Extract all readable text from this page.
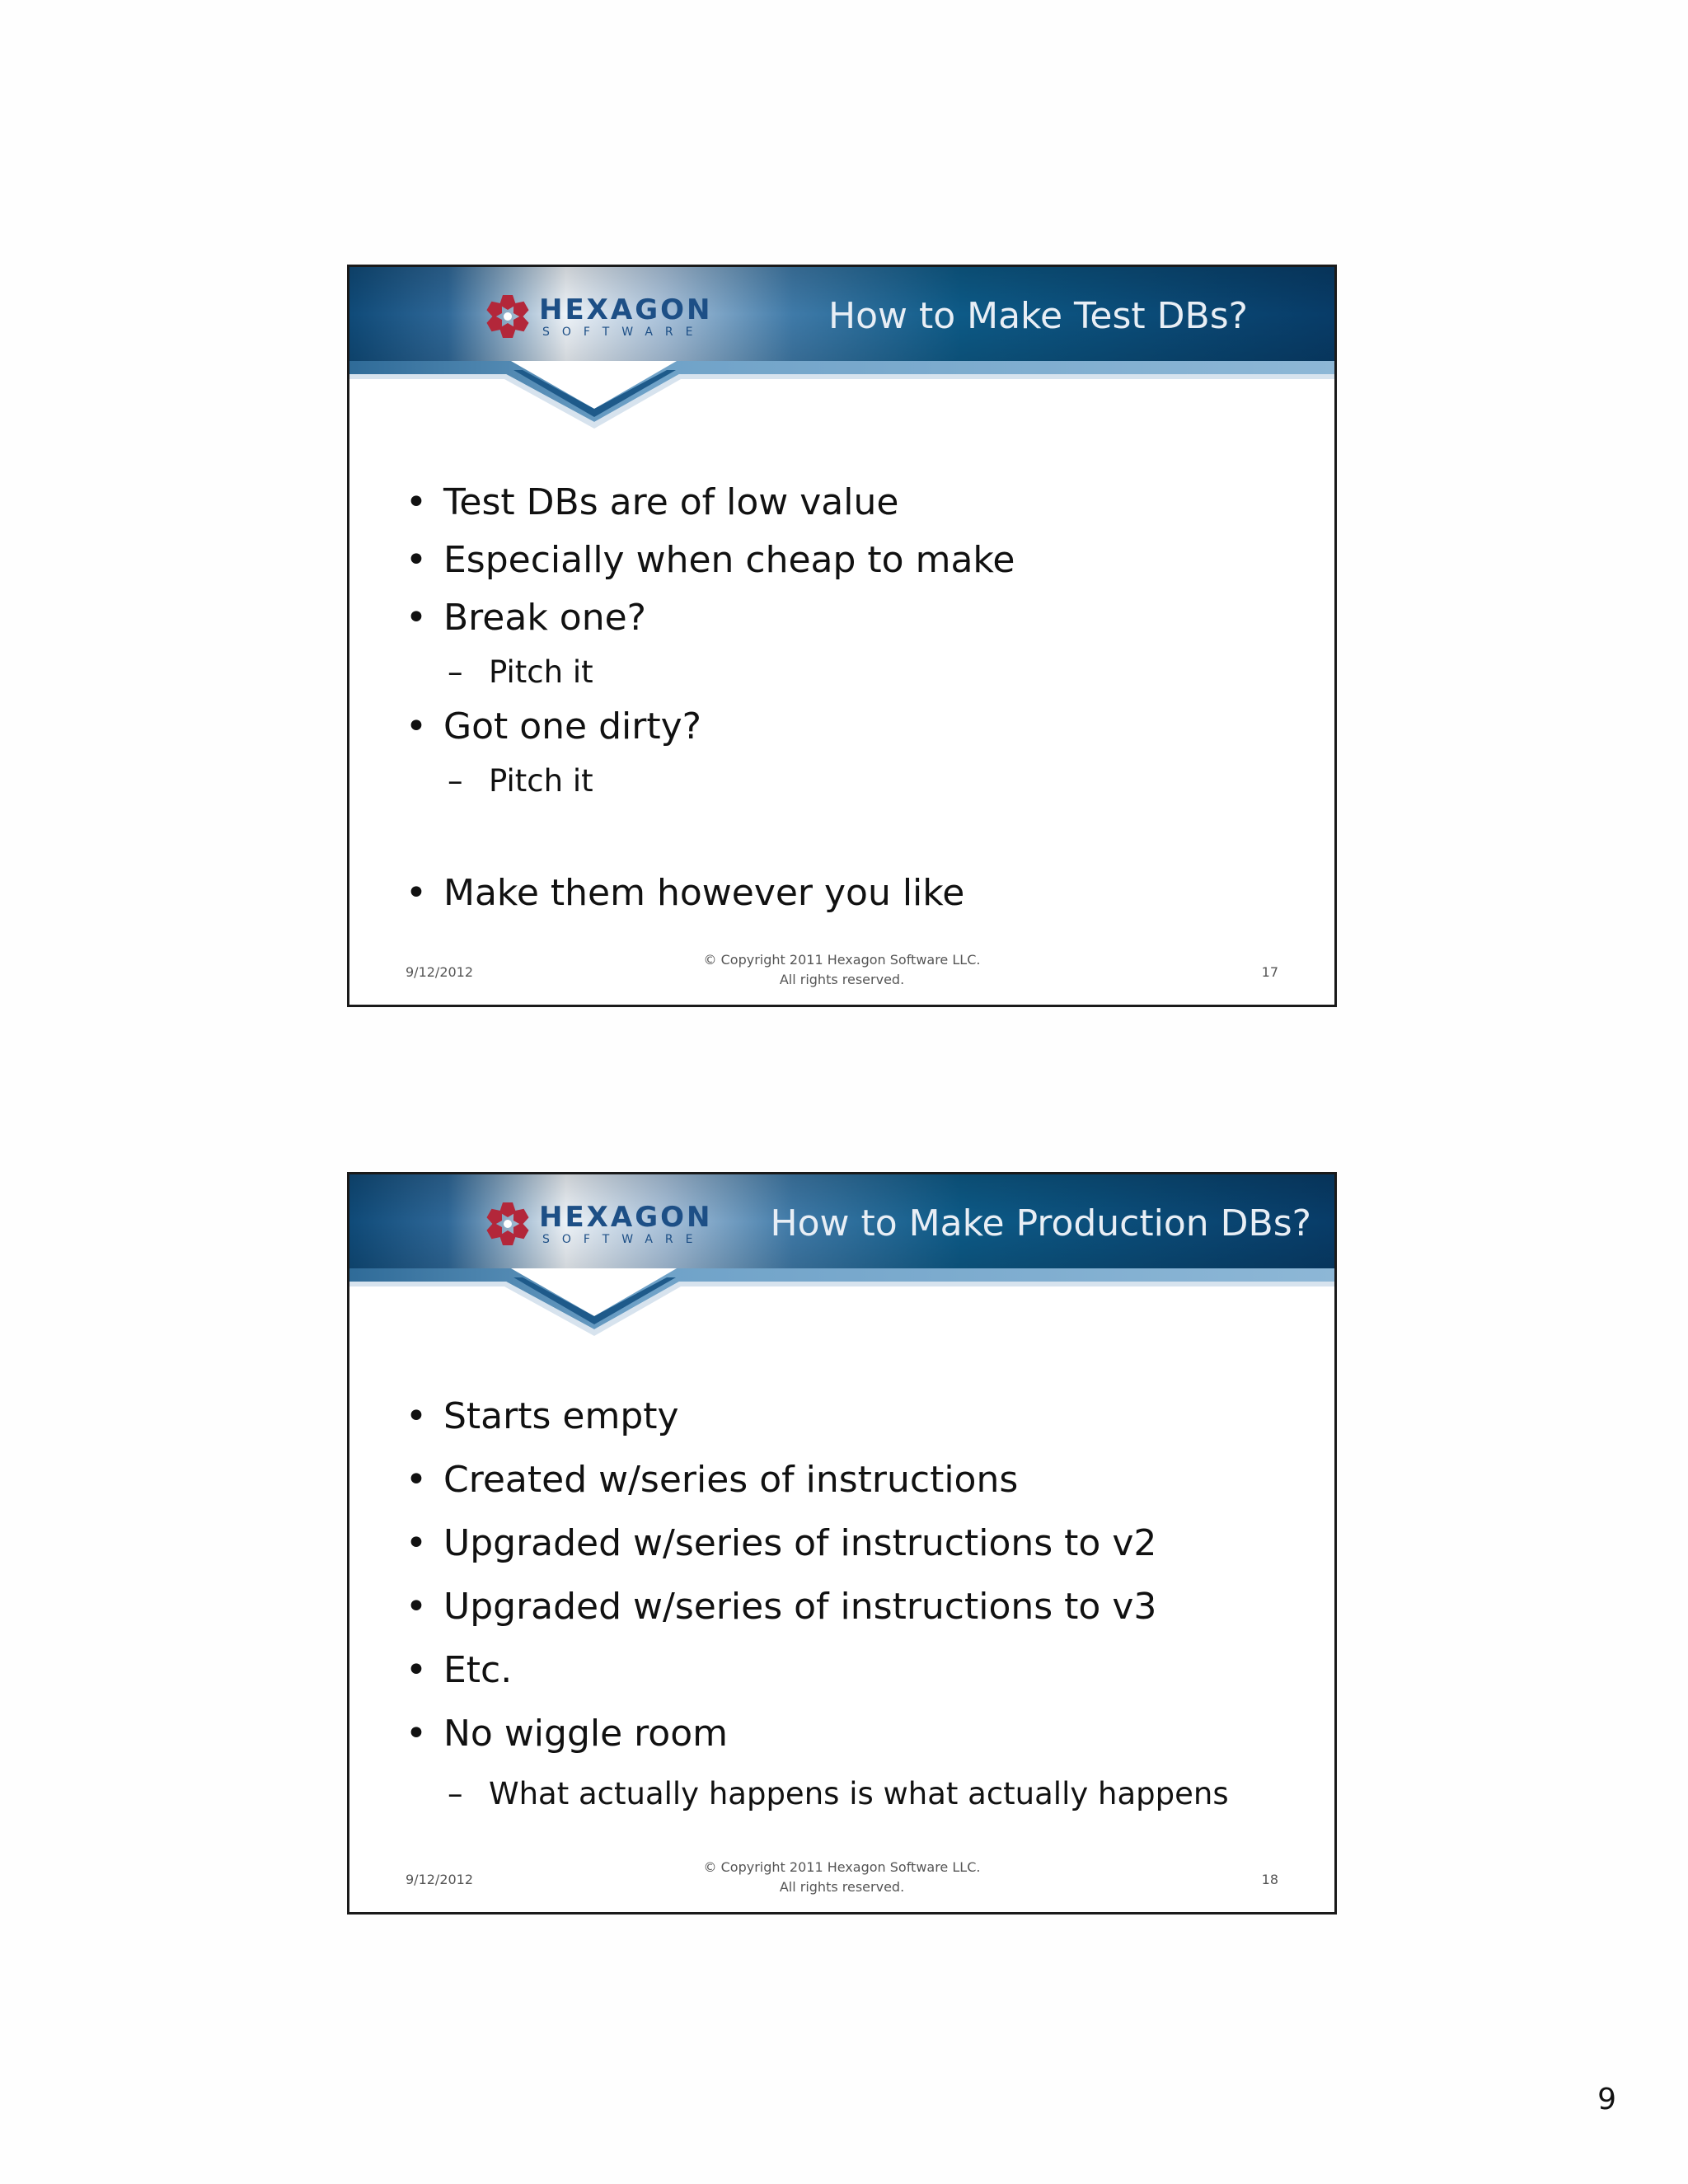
HEXAGON
SOFTWARE	How to Make Test DBs?
• Test DBs are of low value
• Especially when cheap to make
• Break one?
– Pitch it
• Got one dirty?
– Pitch it
• Make them however you like
9/12/2012
© Copyright 2011 Hexagon Software LLC.
All rights reserved.	17
HEXAGON
SOFTWARE How to Make Production DBs?
• Starts empty
• Created w/series of instructions
• Upgraded w/series of instructions to v2
• Upgraded w/series of instructions to v3
• Etc.
• No wiggle room
– What actually happens is what actually happens
9/12/2012
© Copyright 2011 Hexagon Software LLC.
All rights reserved.	18
9
